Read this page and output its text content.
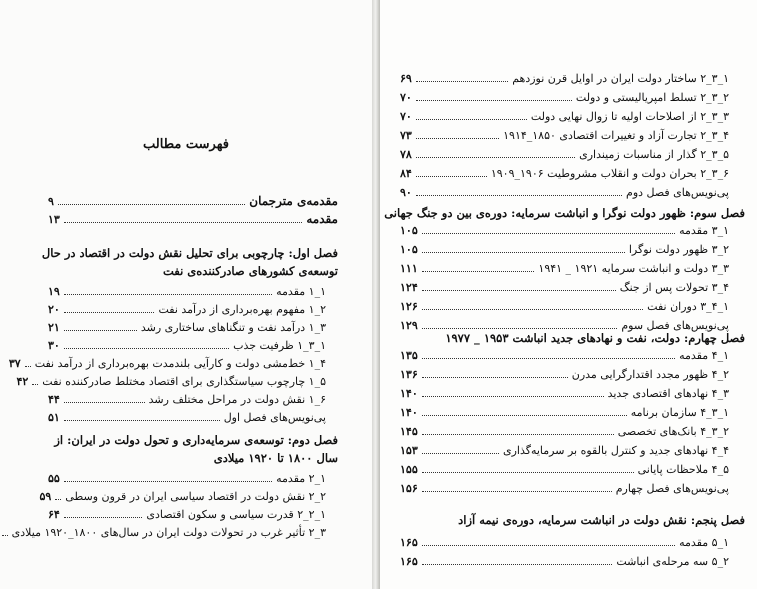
فهرست مطالب
مقدمه‌ی مترجمان
۹
مقدمه
۱۳
فصل اول: چارچوبی برای تحلیل نقش دولت در اقتصاد در حال توسعه‌ی کشورهای صادرکننده‌ی نفت
۱_۱ مقدمه
۱۹
۲_۱ مفهوم بهره‌برداری از درآمد نفت
۲۰
۳_۱ درآمد نفت و تنگناهای ساختاری رشد
۲۱
۱_۳_۱ ظرفیت جذب
۳۰
۴_۱ خط‌مشی دولت و کارآیی بلندمدت بهره‌برداری از درآمد نفت
۳۷
۵_۱ چارچوب سیاستگذاری برای اقتصاد مختلط صادرکننده نفت
۴۲
۶_۱ نقش دولت در مراحل مختلف رشد
۴۴
پی‌نویس‌های فصل اول
۵۱
فصل دوم: توسعه‌ی سرمایه‌داری و تحول دولت در ایران: از سال ۱۸۰۰ تا ۱۹۲۰ میلادی
۱_۲ مقدمه
۵۵
۲_۲ نقش دولت در اقتصاد سیاسی ایران در قرون وسطی
۵۹
۱_۲_۲ قدرت سیاسی و سکون اقتصادی
۶۴
۳_۲ تأثیر غرب در تحولات دولت ایران در سال‌های ۱۸۰۰_۱۹۲۰ میلادی
۱_۳_۲ ساختار دولت ایران در اوایل قرن نوزدهم
۶۹
۲_۳_۲ تسلط امپریالیستی و دولت
۷۰
۳_۳_۲ از اصلاحات اولیه تا زوال نهایی دولت
۷۰
۴_۳_۲ تجارت آزاد و تغییرات اقتصادی ۱۸۵۰_۱۹۱۴
۷۳
۵_۳_۲ گذار از مناسبات زمینداری
۷۸
۶_۳_۲ بحران دولت و انقلاب مشروطیت ۱۹۰۶_۱۹۰۹
۸۴
پی‌نویس‌های فصل دوم
۹۰
فصل سوم: ظهور دولت نوگرا و انباشت سرمایه: دوره‌ی بین دو جنگ جهانی
۱_۳ مقدمه
۱۰۵
۲_۳ ظهور دولت نوگرا
۱۰۵
۳_۳ دولت و انباشت سرمایه ۱۹۲۱ _ ۱۹۴۱
۱۱۱
۴_۳ تحولات پس از جنگ
۱۲۴
۱_۴_۳ دوران نفت
۱۲۶
پی‌نویس‌های فصل سوم
۱۲۹
فصل چهارم: دولت، نفت و نهادهای جدید انباشت ۱۹۵۳ _ ۱۹۷۷
۱_۴ مقدمه
۱۳۵
۲_۴ ظهور مجدد اقتدارگرایی مدرن
۱۳۶
۳_۴ نهادهای اقتصادی جدید
۱۴۰
۱_۳_۴ سازمان برنامه
۱۴۰
۲_۳_۴ بانک‌های تخصصی
۱۴۵
۴_۴ نهادهای جدید و کنترل بالقوه بر سرمایه‌گذاری
۱۵۳
۵_۴ ملاحظات پایانی
۱۵۵
پی‌نویس‌های فصل چهارم
۱۵۶
فصل پنجم: نقش دولت در انباشت سرمایه، دوره‌ی نیمه آزاد
۱_۵ مقدمه
۱۶۵
۲_۵ سه مرحله‌ی انباشت
۱۶۵
